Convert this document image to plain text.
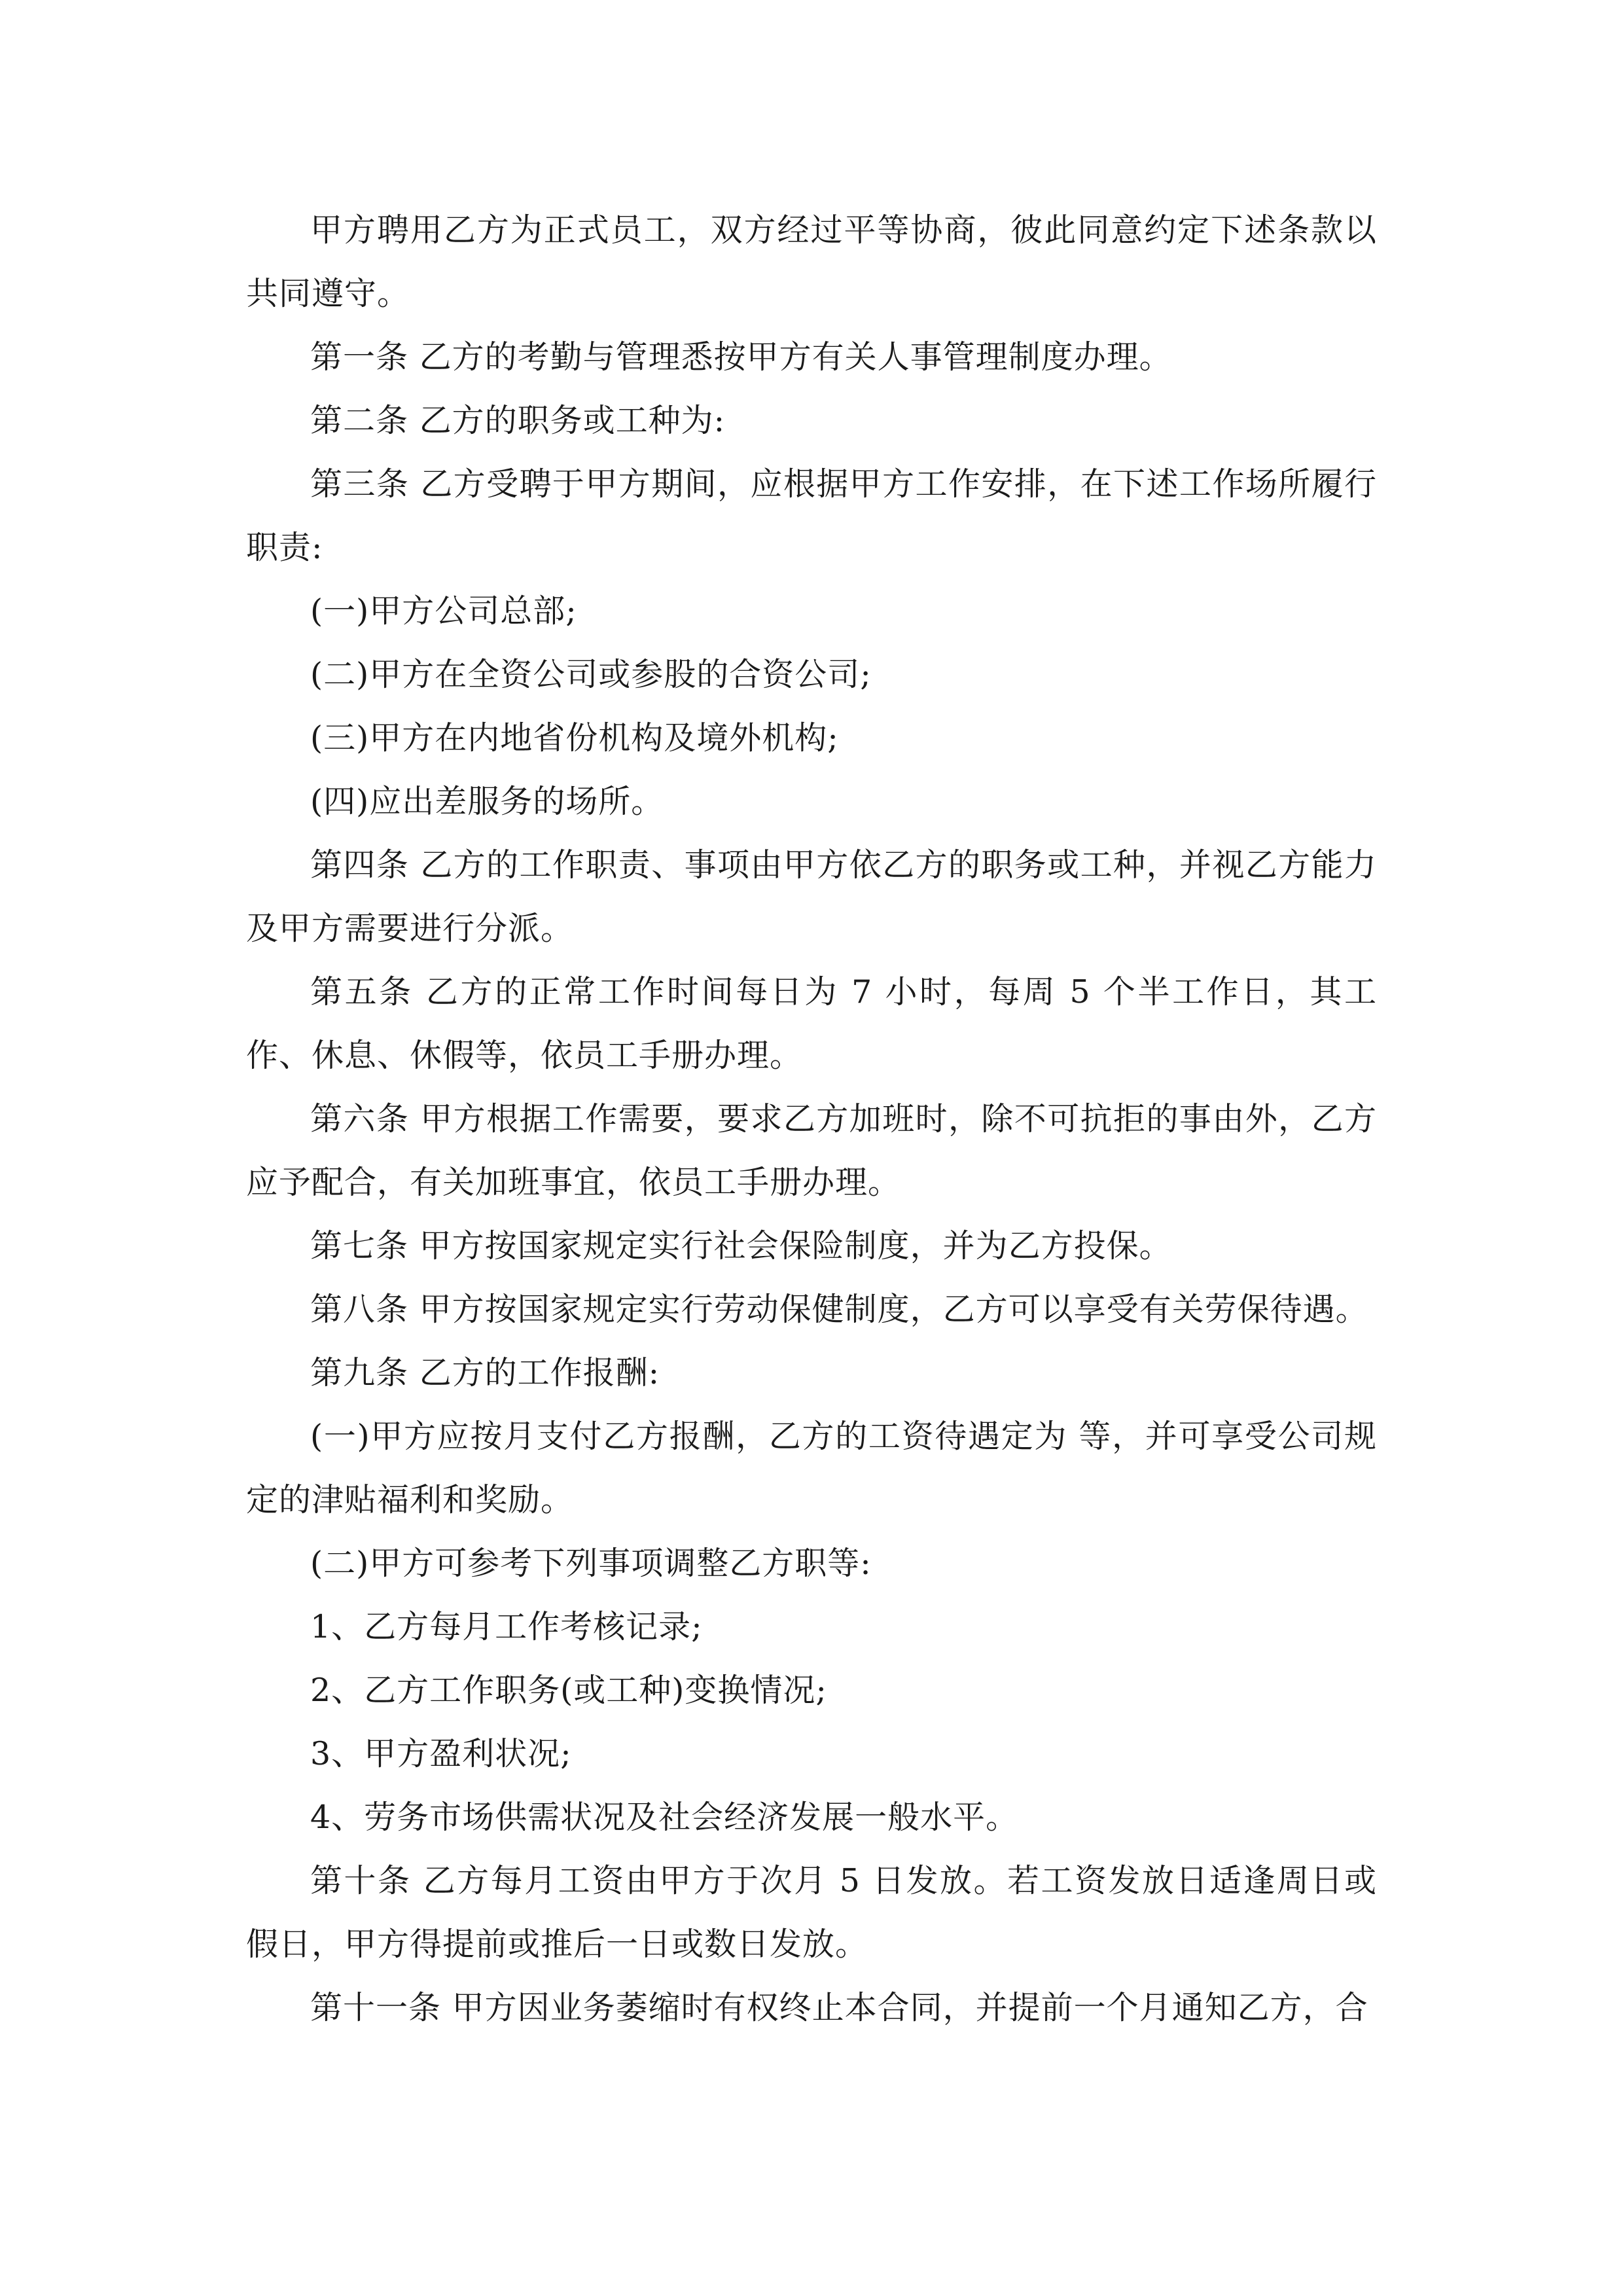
甲方聘用乙方为正式员工，双方经过平等协商，彼此同意约定下述条款以共同遵守。

第一条 乙方的考勤与管理悉按甲方有关人事管理制度办理。

第二条 乙方的职务或工种为:

第三条 乙方受聘于甲方期间，应根据甲方工作安排，在下述工作场所履行职责:

(一)甲方公司总部;

(二)甲方在全资公司或参股的合资公司;

(三)甲方在内地省份机构及境外机构;

(四)应出差服务的场所。

第四条 乙方的工作职责、事项由甲方依乙方的职务或工种，并视乙方能力及甲方需要进行分派。

第五条 乙方的正常工作时间每日为 7 小时，每周 5 个半工作日，其工作、休息、休假等，依员工手册办理。

第六条 甲方根据工作需要，要求乙方加班时，除不可抗拒的事由外，乙方应予配合，有关加班事宜，依员工手册办理。

第七条 甲方按国家规定实行社会保险制度，并为乙方投保。

第八条 甲方按国家规定实行劳动保健制度，乙方可以享受有关劳保待遇。

第九条 乙方的工作报酬:

(一)甲方应按月支付乙方报酬，乙方的工资待遇定为 等，并可享受公司规定的津贴福利和奖励。

(二)甲方可参考下列事项调整乙方职等:

1、乙方每月工作考核记录;

2、乙方工作职务(或工种)变换情况;

3、甲方盈利状况;

4、劳务市场供需状况及社会经济发展一般水平。

第十条 乙方每月工资由甲方于次月 5 日发放。若工资发放日适逢周日或假日，甲方得提前或推后一日或数日发放。

第十一条 甲方因业务萎缩时有权终止本合同，并提前一个月通知乙方，合
